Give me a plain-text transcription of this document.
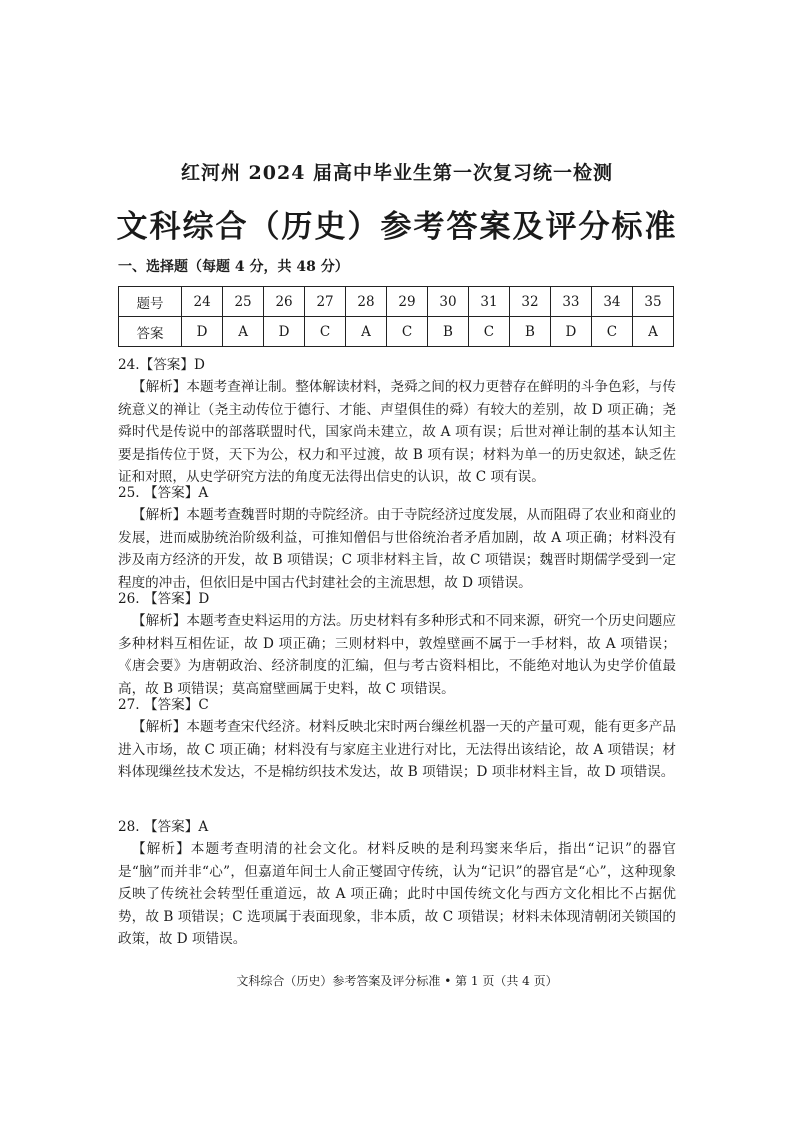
红河州 2024 届高中毕业生第一次复习统一检测
文科综合（历史）参考答案及评分标准
一、选择题（每题 4 分，共 48 分）
题号	24	25	26	27	28	29	30	31	32	33	34	35
答案	D	A	D	C	A	C	B	C	B	D	C	A
24.【答案】D
【解析】本题考查禅让制。整体解读材料，尧舜之间的权力更替存在鲜明的斗争色彩，与传统意义的禅让（尧主动传位于德行、才能、声望俱佳的舜）有较大的差别，故 D 项正确；尧舜时代是传说中的部落联盟时代，国家尚未建立，故 A 项有误；后世对禅让制的基本认知主要是指传位于贤，天下为公，权力和平过渡，故 B 项有误；材料为单一的历史叙述，缺乏佐证和对照，从史学研究方法的角度无法得出信史的认识，故 C 项有误。
25. 【答案】A
【解析】本题考查魏晋时期的寺院经济。由于寺院经济过度发展，从而阻碍了农业和商业的发展，进而威胁统治阶级利益，可推知僧侣与世俗统治者矛盾加剧，故 A 项正确；材料没有涉及南方经济的开发，故 B 项错误；C 项非材料主旨，故 C 项错误；魏晋时期儒学受到一定程度的冲击，但依旧是中国古代封建社会的主流思想，故 D 项错误。
26. 【答案】D
【解析】本题考查史料运用的方法。历史材料有多种形式和不同来源，研究一个历史问题应多种材料互相佐证，故 D 项正确；三则材料中，敦煌壁画不属于一手材料，故 A 项错误；《唐会要》为唐朝政治、经济制度的汇编，但与考古资料相比，不能绝对地认为史学价值最高，故 B 项错误；莫高窟壁画属于史料，故 C 项错误。
27. 【答案】C
【解析】本题考查宋代经济。材料反映北宋时两台缫丝机器一天的产量可观，能有更多产品进入市场，故 C 项正确；材料没有与家庭主业进行对比，无法得出该结论，故 A 项错误；材料体现缫丝技术发达，不是棉纺织技术发达，故 B 项错误；D 项非材料主旨，故 D 项错误。
28. 【答案】A
【解析】本题考查明清的社会文化。材料反映的是利玛窦来华后，指出“记识”的器官是“脑”而并非“心”，但嘉道年间士人俞正燮固守传统，认为“记识”的器官是“心”，这种现象反映了传统社会转型任重道远，故 A 项正确；此时中国传统文化与西方文化相比不占据优势，故 B 项错误；C 选项属于表面现象，非本质，故 C 项错误；材料未体现清朝闭关锁国的政策，故 D 项错误。
文科综合（历史）参考答案及评分标准 • 第 1 页（共 4 页）
